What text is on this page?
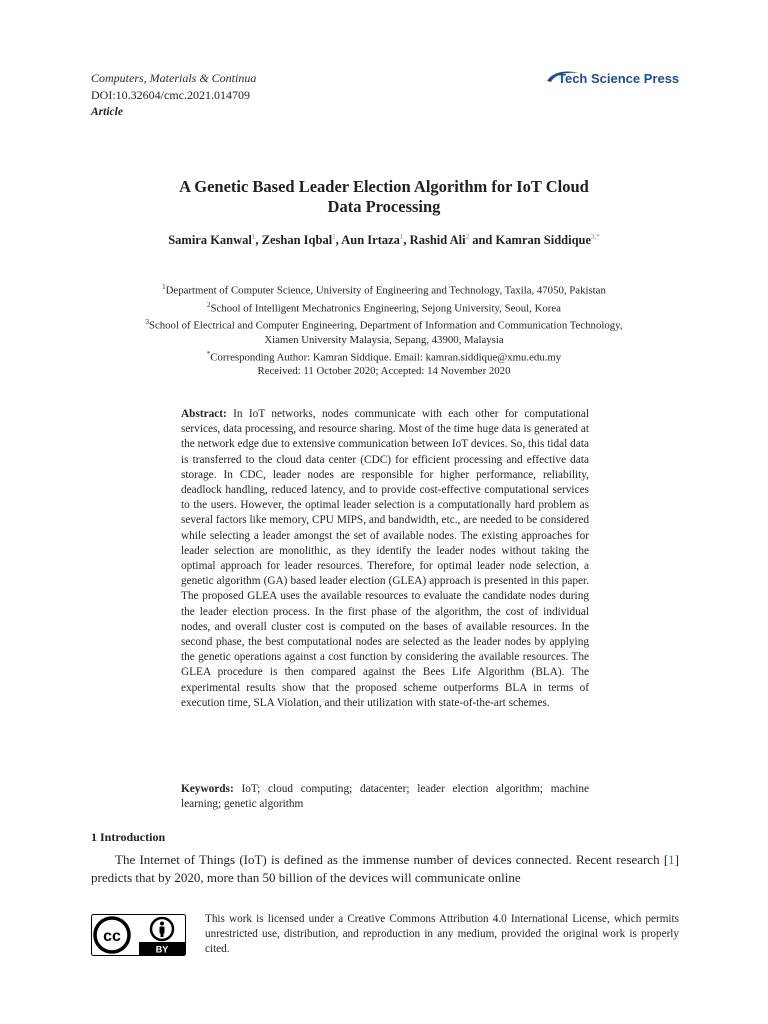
Computers, Materials & Continua
DOI:10.32604/cmc.2021.014709
Article
Tech Science Press
A Genetic Based Leader Election Algorithm for IoT Cloud
Data Processing
Samira Kanwal$^1$, Zeshan Iqbal$^1$, Aun Irtaza$^1$, Rashid Ali$^2$ and Kamran Siddique$^{3,*}$
$^1$Department of Computer Science, University of Engineering and Technology, Taxila, 47050, Pakistan
$^2$School of Intelligent Mechatronics Engineering, Sejong University, Seoul, Korea
$^3$School of Electrical and Computer Engineering, Department of Information and Communication Technology,
Xiamen University Malaysia, Sepang, 43900, Malaysia
*Corresponding Author: Kamran Siddique. Email: kamran.siddique@xmu.edu.my
Received: 11 October 2020; Accepted: 14 November 2020
Abstract: In IoT networks, nodes communicate with each other for computational services, data processing, and resource sharing. Most of the time huge data is generated at the network edge due to extensive communication between IoT devices. So, this tidal data is transferred to the cloud data center (CDC) for efficient processing and effective data storage. In CDC, leader nodes are responsible for higher performance, reliability, deadlock handling, reduced latency, and to provide cost-effective computational services to the users. However, the optimal leader selection is a computationally hard problem as several factors like memory, CPU MIPS, and bandwidth, etc., are needed to be considered while selecting a leader amongst the set of available nodes. The existing approaches for leader selection are monolithic, as they identify the leader nodes without taking the optimal approach for leader resources. Therefore, for optimal leader node selection, a genetic algorithm (GA) based leader election (GLEA) approach is presented in this paper. The proposed GLEA uses the available resources to evaluate the candidate nodes during the leader election process. In the first phase of the algorithm, the cost of individual nodes, and overall cluster cost is computed on the bases of available resources. In the second phase, the best computational nodes are selected as the leader nodes by applying the genetic operations against a cost function by considering the available resources. The GLEA procedure is then compared against the Bees Life Algorithm (BLA). The experimental results show that the proposed scheme outperforms BLA in terms of execution time, SLA Violation, and their utilization with state-of-the-art schemes.
Keywords: IoT; cloud computing; datacenter; leader election algorithm; machine learning; genetic algorithm
1 Introduction
The Internet of Things (IoT) is defined as the immense number of devices connected. Recent research [1] predicts that by 2020, more than 50 billion of the devices will communicate online
cc
BY
This work is licensed under a Creative Commons Attribution 4.0 International License, which permits unrestricted use, distribution, and reproduction in any medium, provided the original work is properly cited.
